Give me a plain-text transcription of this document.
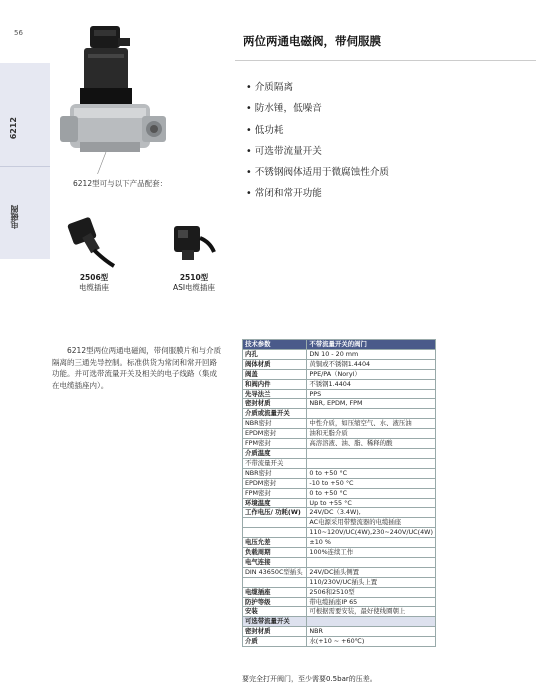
56
6212
电磁阀
两位两通电磁阀，带伺服膜
• 介质隔离
• 防水锤，低噪音
• 低功耗
• 可选带流量开关
• 不锈钢阀体适用于微腐蚀性介质
• 常闭和常开功能
6212型可与以下产品配套：
2506型
电缆插座
2510型
ASI电缆插座
6212型两位两通电磁阀，带伺服膜片和与介质隔离的三通先导控制。标准供货为常闭和常开回路功能。并可选带流量开关及相关的电子线路（集成在电缆插座内）。
技术参数	不带流量开关的阀门
内孔	DN 10 - 20 mm
阀体材质	黄铜或不锈钢1.4404
阀盖	PPE/PA（Noryl）
和阀内件	不锈钢1.4404
先导法兰	PPS
密封材质	NBR, EPDM, FPM
介质或流量开关	
NBR密封	中性介质，如压缩空气、水、液压油
EPDM密封	油和无脂介质
FPM密封	高溶溶液、油、脂、稀释的酸
介质温度	
不带流量开关	
NBR密封	0 to +50 °C
EPDM密封	-10 to +50 °C
FPM密封	0 to +50 °C
环境温度	Up to +55 °C
工作电压/ 功耗(W)	24V/DC（3.4W),
	AC电源采用带整流器的电缆插座
	110~120V/UC(4W),230~240V/UC(4W)
电压允差	±10 %
负载周期	100%连续工作
电气连接	
DIN 43650C型插头	24V/DC插头侧置
	110/230V/UC插头上置
电缆插座	2506和2510型
防护等级	带电缆插座IP 65
安装	可根据需要安装，最好使线圈朝上
可选带流量开关	
密封材质	NBR
介质	水(+10 ~ +60℃)
要完全打开阀门，至少需要0.5bar的压差。
